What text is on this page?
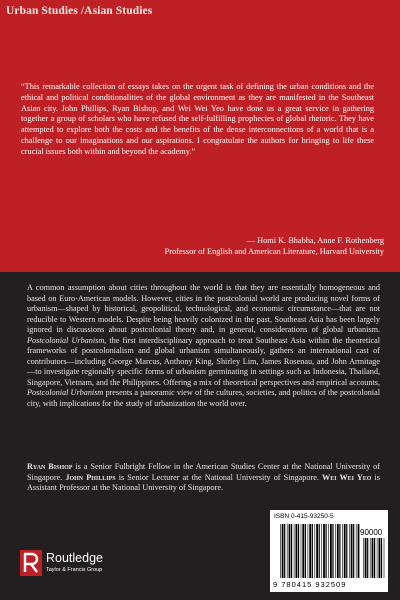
Urban Studies /Asian Studies

“This remarkable collection of essays takes on the urgent task of defining the urban conditions and the ethical and political conditionalities of the global environment as they are manifested in the Southeast Asian city. John Phillips, Ryan Bishop, and Wei Wei Yeo have done us a great service in gathering together a group of scholars who have refused the self-fulfilling prophecies of global rhetoric. They have attempted to explore both the costs and the benefits of the dense interconnections of a world that is a challenge to our imaginations and our aspirations. I congratulate the authors for bringing to life these crucial issues both within and beyond the academy.”

— Homi K. Bhabha, Anne F. Rothenberg
Professor of English and American Literature, Harvard University

A common assumption about cities throughout the world is that they are essentially homogeneous and based on Euro-American models. However, cities in the postcolonial world are producing novel forms of urbanism—shaped by historical, geopolitical, technological, and economic circumstance—that are not reducible to Western models. Despite being heavily colonized in the past, Southeast Asia has been largely ignored in discussions about postcolonial theory and, in general, considerations of global urbanism. Postcolonial Urbanism, the first interdisciplinary approach to treat Southeast Asia within the theoretical frameworks of postcolonialism and global urbanism simultaneously, gathers an international cast of contributors—including George Marcus, Anthony King, Shirley Lim, James Rosenau, and John Armitage—to investigate regionally specific forms of urbanism germinating in settings such as Indonesia, Thailand, Singapore, Vietnam, and the Philippines. Offering a mix of theoretical perspectives and empirical accounts, Postcolonial Urbanism presents a panoramic view of the cultures, societies, and politics of the postcolonial city, with implications for the study of urbanization the world over.

Ryan Bishop is a Senior Fulbright Fellow in the American Studies Center at the National University of Singapore. John Phillips is Senior Lecturer at the National University of Singapore. Wei Wei Yeo is Assistant Professor at the National University of Singapore.

Routledge
Taylor & Francis Group
ISBN 0-415-93250-5
90000
9 780415 932509
